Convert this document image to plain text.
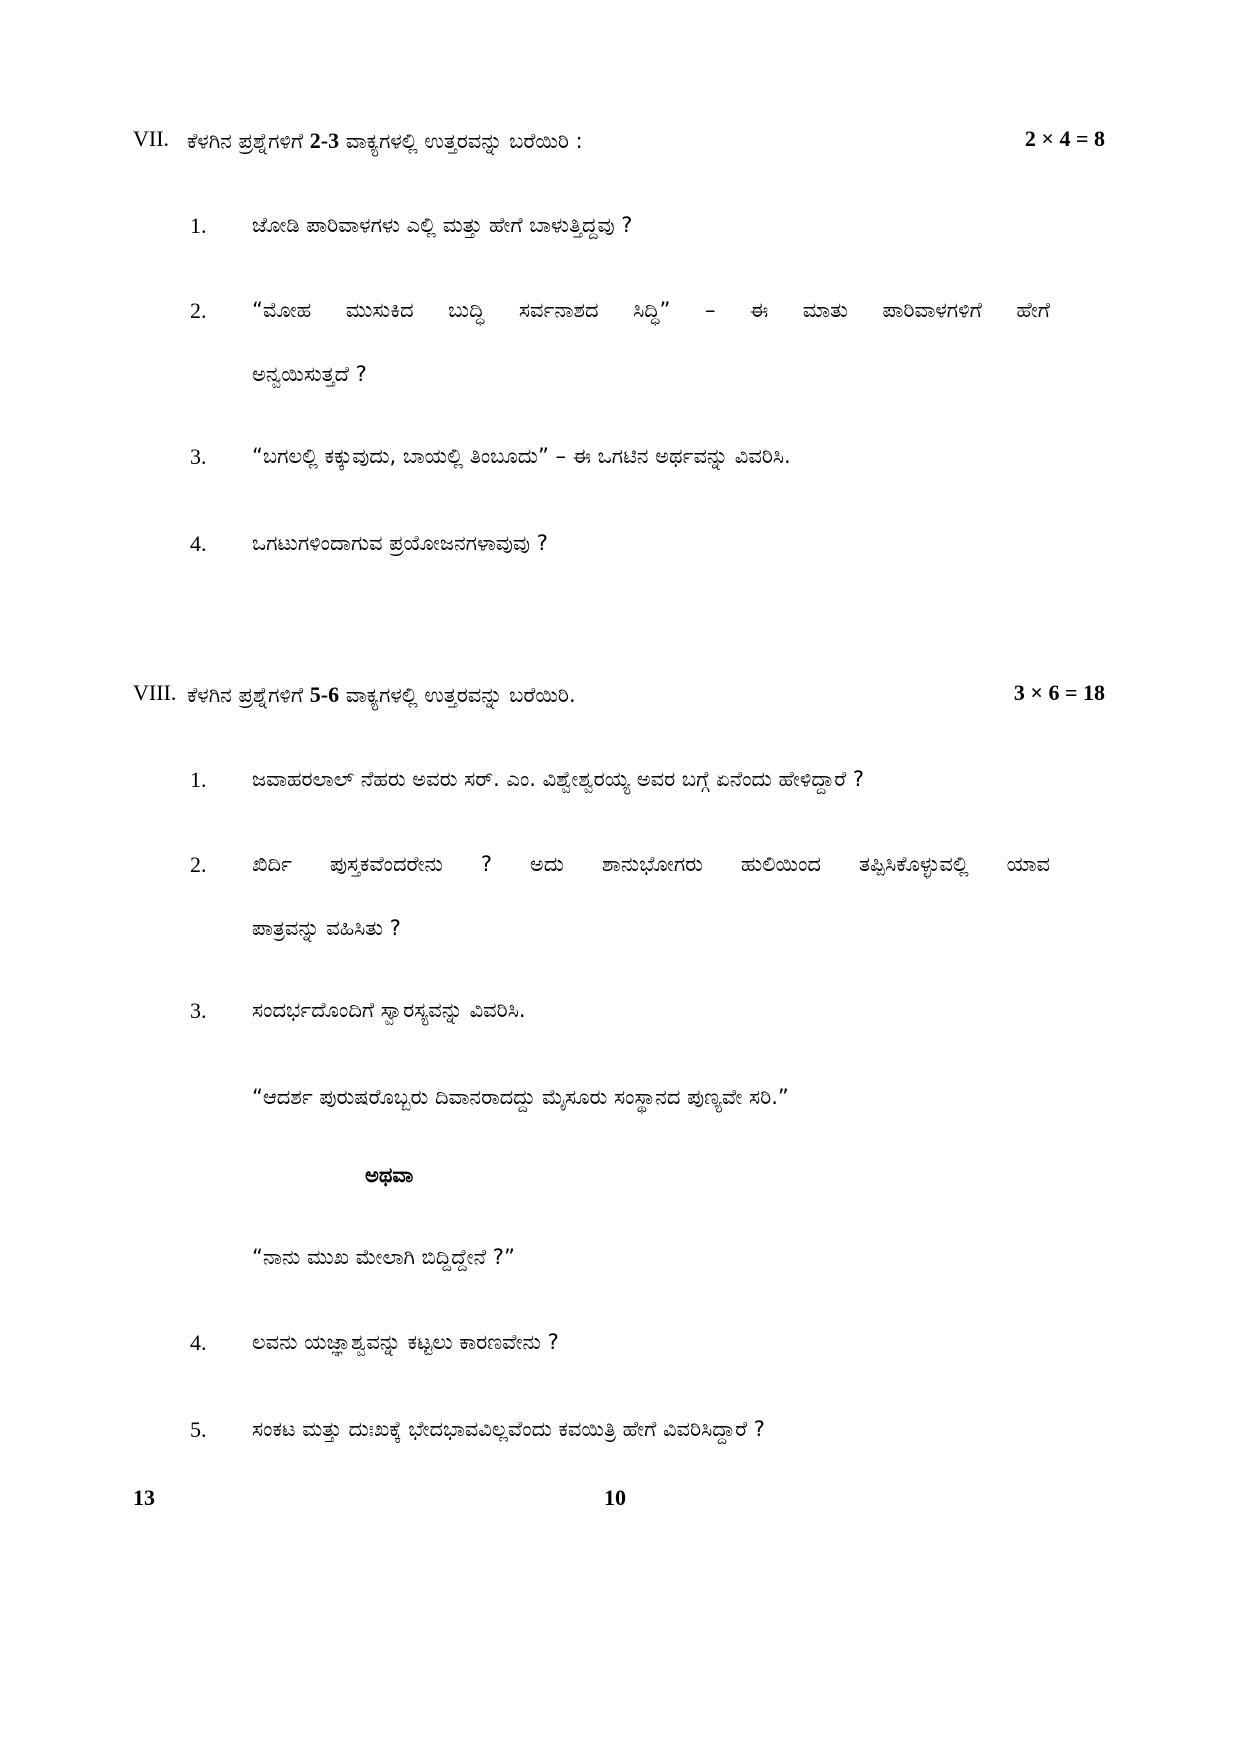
VII. ಕೆಳಗಿನ ಪ್ರಶ್ನೆಗಳಿಗೆ 2-3 ವಾಕ್ಯಗಳಲ್ಲಿ ಉತ್ತರವನ್ನು ಬರೆಯಿರಿ :	2 × 4 = 8
1. ಜೋಡಿ ಪಾರಿವಾಳಗಳು ಎಲ್ಲಿ ಮತ್ತು ಹೇಗೆ ಬಾಳುತ್ತಿದ್ದವು ?
2. “ಮೋಹ ಮುಸುಕಿದ ಬುದ್ಧಿ ಸರ್ವನಾಶದ ಸಿದ್ಧಿ” – ಈ ಮಾತು ಪಾರಿವಾಳಗಳಿಗೆ ಹೇಗೆ
ಅನ್ವಯಿಸುತ್ತದೆ ?
3. “ಬಗಲಲ್ಲಿ ಕಕ್ಕುವುದು, ಬಾಯಲ್ಲಿ ತಿಂಬೂದು” – ಈ ಒಗಟಿನ ಅರ್ಥವನ್ನು ವಿವರಿಸಿ.
4. ಒಗಟುಗಳಿಂದಾಗುವ ಪ್ರಯೋಜನಗಳಾವುವು ?
VIII. ಕೆಳಗಿನ ಪ್ರಶ್ನೆಗಳಿಗೆ 5-6 ವಾಕ್ಯಗಳಲ್ಲಿ ಉತ್ತರವನ್ನು ಬರೆಯಿರಿ.	3 × 6 = 18
1. ಜವಾಹರಲಾಲ್ ನೆಹರು ಅವರು ಸರ್. ಎಂ. ವಿಶ್ವೇಶ್ವರಯ್ಯ ಅವರ ಬಗ್ಗೆ ಏನೆಂದು ಹೇಳಿದ್ದಾರೆ ?
2. ಖಿರ್ದಿ ಪುಸ್ತಕವೆಂದರೇನು ? ಅದು ಶಾನುಭೋಗರು ಹುಲಿಯಿಂದ ತಪ್ಪಿಸಿಕೊಳ್ಳುವಲ್ಲಿ ಯಾವ
ಪಾತ್ರವನ್ನು ವಹಿಸಿತು ?
3. ಸಂದರ್ಭದೊಂದಿಗೆ ಸ್ವಾರಸ್ಯವನ್ನು ವಿವರಿಸಿ.
“ಆದರ್ಶ ಪುರುಷರೊಬ್ಬರು ದಿವಾನರಾದದ್ದು ಮೈಸೂರು ಸಂಸ್ಥಾನದ ಪುಣ್ಯವೇ ಸರಿ.”
ಅಥವಾ
“ನಾನು ಮುಖ ಮೇಲಾಗಿ ಬಿದ್ದಿದ್ದೇನೆ ?”
4. ಲವನು ಯಜ್ಞಾಶ್ವವನ್ನು ಕಟ್ಟಲು ಕಾರಣವೇನು ?
5. ಸಂಕಟ ಮತ್ತು ದುಃಖಕ್ಕೆ ಭೇದಭಾವವಿಲ್ಲವೆಂದು ಕವಯಿತ್ರಿ ಹೇಗೆ ವಿವರಿಸಿದ್ದಾರೆ ?
13	10
